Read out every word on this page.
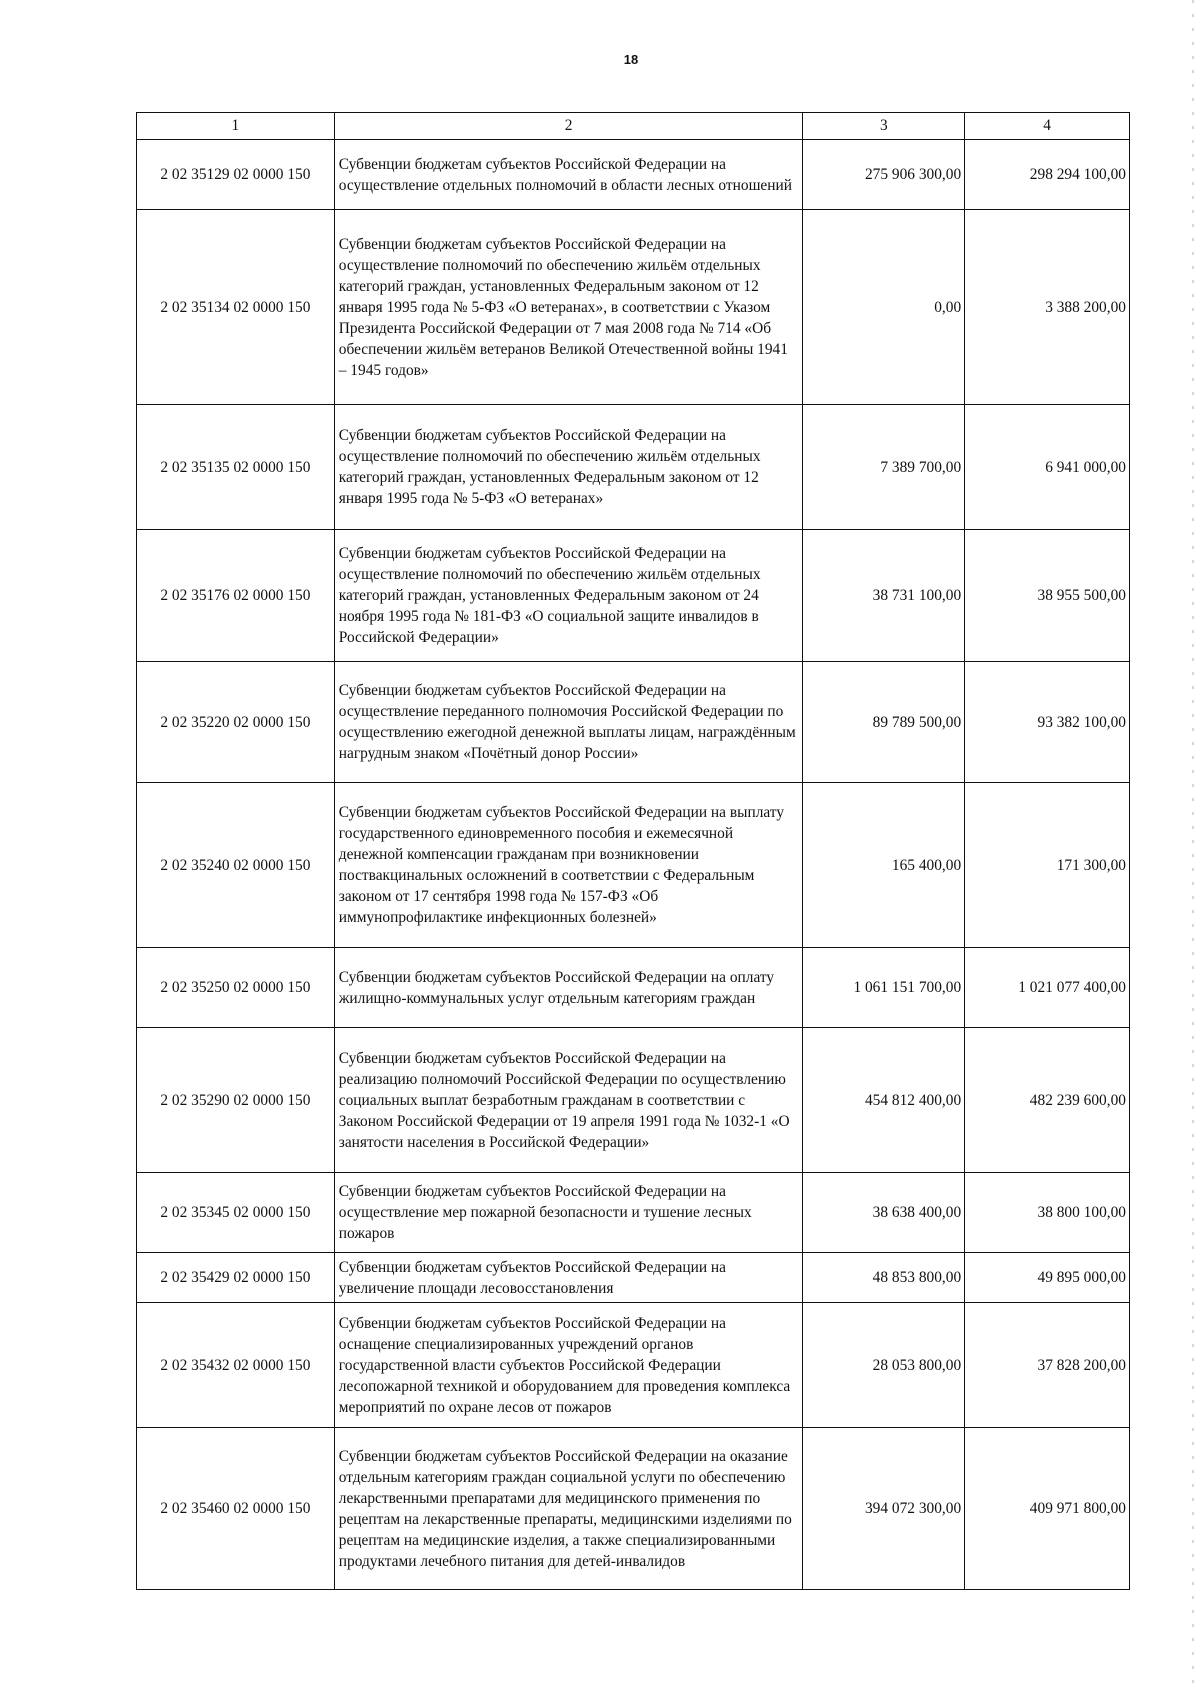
18
1	2	3	4
2 02 35129 02 0000 150	Субвенции бюджетам субъектов Российской Федерации на осуществление отдельных полномочий в области лесных отношений	275 906 300,00	298 294 100,00
2 02 35134 02 0000 150	Субвенции бюджетам субъектов Российской Федерации на осуществление полномочий по обеспечению жильём отдельных категорий граждан, установленных Федеральным законом от 12 января 1995 года № 5-ФЗ «О ветеранах», в соответствии с Указом Президента Российской Федерации от 7 мая 2008 года № 714 «Об обеспечении жильём ветеранов Великой Отечественной войны 1941 – 1945 годов»	0,00	3 388 200,00
2 02 35135 02 0000 150	Субвенции бюджетам субъектов Российской Федерации на осуществление полномочий по обеспечению жильём отдельных категорий граждан, установленных Федеральным законом от 12 января 1995 года № 5-ФЗ «О ветеранах»	7 389 700,00	6 941 000,00
2 02 35176 02 0000 150	Субвенции бюджетам субъектов Российской Федерации на осуществление полномочий по обеспечению жильём отдельных категорий граждан, установленных Федеральным законом от 24 ноября 1995 года № 181-ФЗ «О социальной защите инвалидов в Российской Федерации»	38 731 100,00	38 955 500,00
2 02 35220 02 0000 150	Субвенции бюджетам субъектов Российской Федерации на осуществление переданного полномочия Российской Федерации по осуществлению ежегодной денежной выплаты лицам, награждённым нагрудным знаком «Почётный донор России»	89 789 500,00	93 382 100,00
2 02 35240 02 0000 150	Субвенции бюджетам субъектов Российской Федерации на выплату государственного единовременного пособия и ежемесячной денежной компенсации гражданам при возникновении поствакцинальных осложнений в соответствии с Федеральным законом от 17 сентября 1998 года № 157-ФЗ «Об иммунопрофилактике инфекционных болезней»	165 400,00	171 300,00
2 02 35250 02 0000 150	Субвенции бюджетам субъектов Российской Федерации на оплату жилищно-коммунальных услуг отдельным категориям граждан	1 061 151 700,00	1 021 077 400,00
2 02 35290 02 0000 150	Субвенции бюджетам субъектов Российской Федерации на реализацию полномочий Российской Федерации по осуществлению социальных выплат безработным гражданам в соответствии с Законом Российской Федерации от 19 апреля 1991 года № 1032-1 «О занятости населения в Российской Федерации»	454 812 400,00	482 239 600,00
2 02 35345 02 0000 150	Субвенции бюджетам субъектов Российской Федерации на осуществление мер пожарной безопасности и тушение лесных пожаров	38 638 400,00	38 800 100,00
2 02 35429 02 0000 150	Субвенции бюджетам субъектов Российской Федерации на увеличение площади лесовосстановления	48 853 800,00	49 895 000,00
2 02 35432 02 0000 150	Субвенции бюджетам субъектов Российской Федерации на оснащение специализированных учреждений органов государственной власти субъектов Российской Федерации лесопожарной техникой и оборудованием для проведения комплекса мероприятий по охране лесов от пожаров	28 053 800,00	37 828 200,00
2 02 35460 02 0000 150	Субвенции бюджетам субъектов Российской Федерации на оказание отдельным категориям граждан социальной услуги по обеспечению лекарственными препаратами для медицинского применения по рецептам на лекарственные препараты, медицинскими изделиями по рецептам на медицинские изделия, а также специализированными продуктами лечебного питания для детей-инвалидов	394 072 300,00	409 971 800,00
